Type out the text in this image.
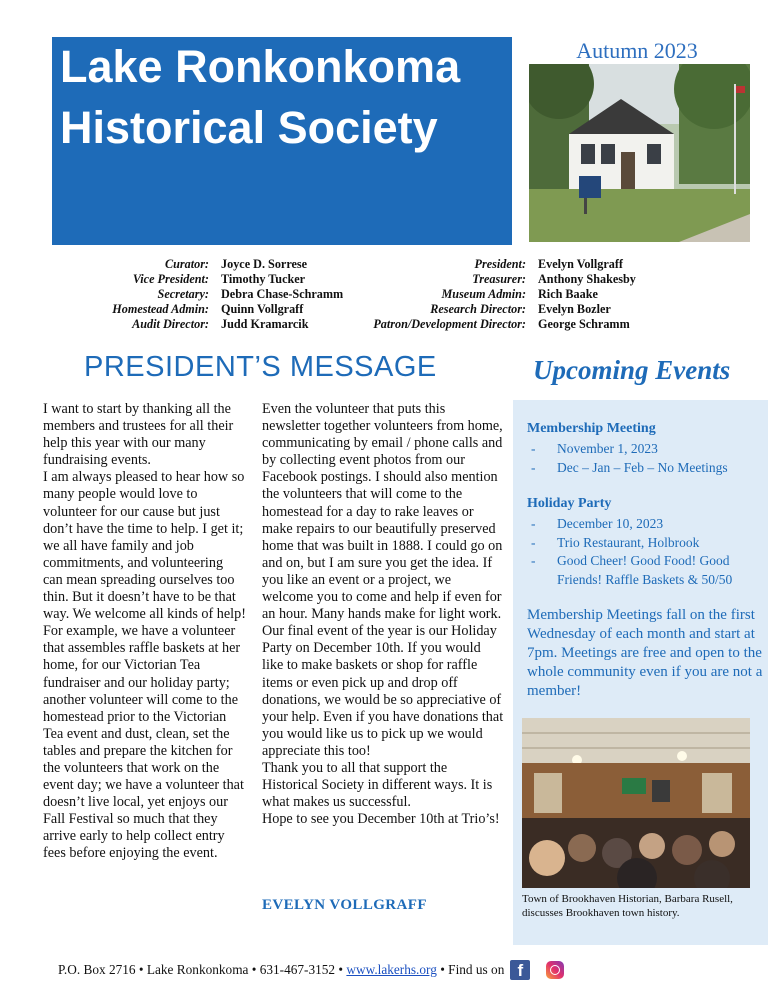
Lake Ronkonkoma
Historical Society
Autumn 2023
Curator: Joyce D. Sorrese
Vice President: Timothy Tucker
Secretary: Debra Chase-Schramm
Homestead Admin: Quinn Vollgraff
Audit Director: Judd Kramarcik
President: Evelyn Vollgraff
Treasurer: Anthony Shakesby
Museum Admin: Rich Baake
Research Director: Evelyn Bozler
Patron/Development Director: George Schramm
PRESIDENT’S MESSAGE

I want to start by thanking all the members and trustees for all their help this year with our many fundraising events.

I am always pleased to hear how so many people would love to volunteer for our cause but just don’t have the time to help. I get it; we all have family and job commitments, and volunteering can mean spreading ourselves too thin. But it doesn’t have to be that way. We welcome all kinds of help! For example, we have a volunteer that assembles raffle baskets at her home, for our Victorian Tea fundraiser and our holiday party; another volunteer will come to the homestead prior to the Victorian Tea event and dust, clean, set the tables and prepare the kitchen for the volunteers that work on the event day; we have a volunteer that doesn’t live local, yet enjoys our Fall Festival so much that they arrive early to help collect entry fees before enjoying the event.

Even the volunteer that puts this newsletter together volunteers from home, communicating by email / phone calls and by collecting event photos from our Facebook postings. I should also mention the volunteers that will come to the homestead for a day to rake leaves or make repairs to our beautifully preserved home that was built in 1888. I could go on and on, but I am sure you get the idea. If you like an event or a project, we welcome you to come and help if even for an hour. Many hands make for light work.

Our final event of the year is our Holiday Party on December 10th. If you would like to make baskets or shop for raffle items or even pick up and drop off donations, we would be so appreciative of your help. Even if you have donations that you would like us to pick up we would appreciate this too!

Thank you to all that support the Historical Society in different ways. It is what makes us successful.

Hope to see you December 10th at Trio’s!

EVELYN VOLLGRAFF
Upcoming Events
Membership Meeting
-	November 1, 2023
-	Dec – Jan – Feb – No Meetings
Holiday Party
-	December 10, 2023
-	Trio Restaurant, Holbrook
-	Good Cheer! Good Food! Good Friends! Raffle Baskets & 50/50
Membership Meetings fall on the first Wednesday of each month and start at 7pm. Meetings are free and open to the whole community even if you are not a member!
Town of Brookhaven Historian, Barbara Rusell, discusses Brookhaven town history.
P.O. Box 2716 • Lake Ronkonkoma • 631-467-3152 •
www.lakerhs.org
• Find us on f
